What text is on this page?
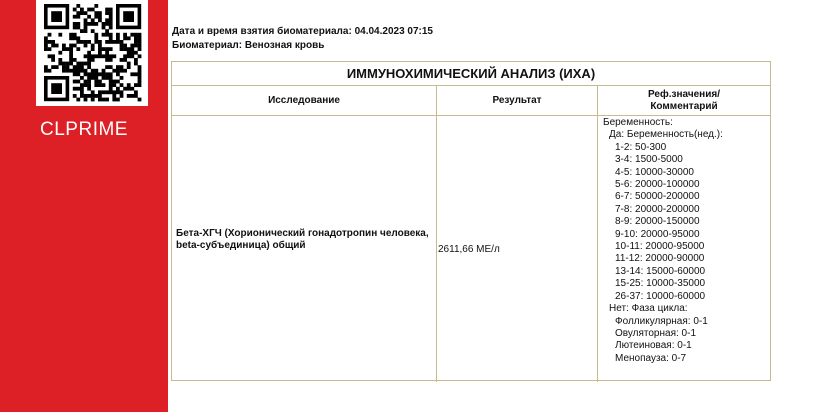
CLPRIME
Дата и время взятия биоматериала: 04.04.2023 07:15
Биоматериал: Венозная кровь
ИММУНОХИМИЧЕСКИЙ АНАЛИЗ (ИХА)
Исследование	Результат
Реф.значения/
Комментарий
Бета-ХГЧ (Хорионический гонадотропин человека, beta-субъединица) общий	2611,66 МЕ/л
Беременность:
Да: Беременность(нед.):
1-2: 50-300
3-4: 1500-5000
4-5: 10000-30000
5-6: 20000-100000
6-7: 50000-200000
7-8: 20000-200000
8-9: 20000-150000
9-10: 20000-95000
10-11: 20000-95000
11-12: 20000-90000
13-14: 15000-60000
15-25: 10000-35000
26-37: 10000-60000
Нет: Фаза цикла:
Фолликулярная: 0-1
Овуляторная: 0-1
Лютеиновая: 0-1
Менопауза: 0-7
